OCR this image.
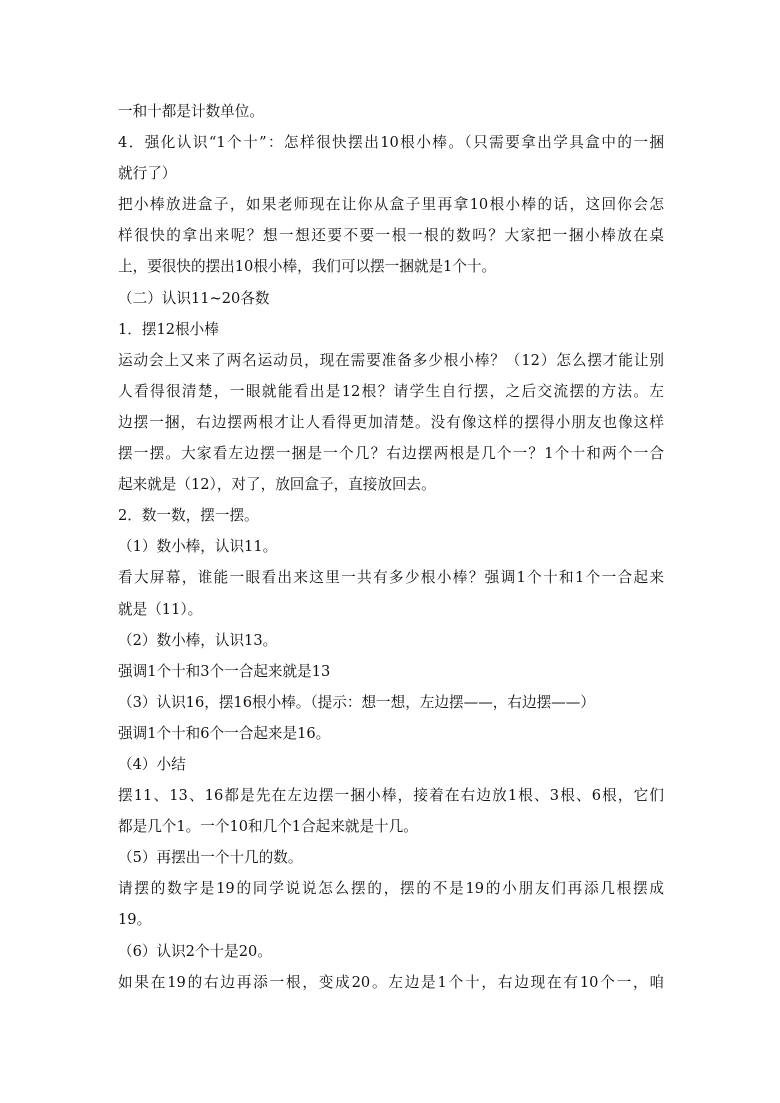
一和十都是计数单位。
4．强化认识“1个十”：怎样很快摆出10根小棒。（只需要拿出学具盒中的一捆
就行了）
把小棒放进盒子，如果老师现在让你从盒子里再拿10根小棒的话，这回你会怎
样很快的拿出来呢？想一想还要不要一根一根的数吗？大家把一捆小棒放在桌
上，要很快的摆出10根小棒，我们可以摆一捆就是1个十。
（二）认识11~20各数
1．摆12根小棒
运动会上又来了两名运动员，现在需要准备多少根小棒？（12）怎么摆才能让别
人看得很清楚，一眼就能看出是12根？请学生自行摆，之后交流摆的方法。左
边摆一捆，右边摆两根才让人看得更加清楚。没有像这样的摆得小朋友也像这样
摆一摆。大家看左边摆一捆是一个几？右边摆两根是几个一？1个十和两个一合
起来就是（12），对了，放回盒子，直接放回去。
2．数一数，摆一摆。
（1）数小棒，认识11。
看大屏幕，谁能一眼看出来这里一共有多少根小棒？强调1个十和1个一合起来
就是（11）。
（2）数小棒，认识13。
强调1个十和3个一合起来就是13
（3）认识16，摆16根小棒。（提示：想一想，左边摆——，右边摆——）
强调1个十和6个一合起来是16。
（4）小结
摆11、13、16都是先在左边摆一捆小棒，接着在右边放1根、3根、6根，它们
都是几个1。一个10和几个1合起来就是十几。
（5）再摆出一个十几的数。
请摆的数字是19的同学说说怎么摆的，摆的不是19的小朋友们再添几根摆成
19。
（6）认识2个十是20。
如果在19的右边再添一根，变成20。左边是1个十，右边现在有10个一，咱
